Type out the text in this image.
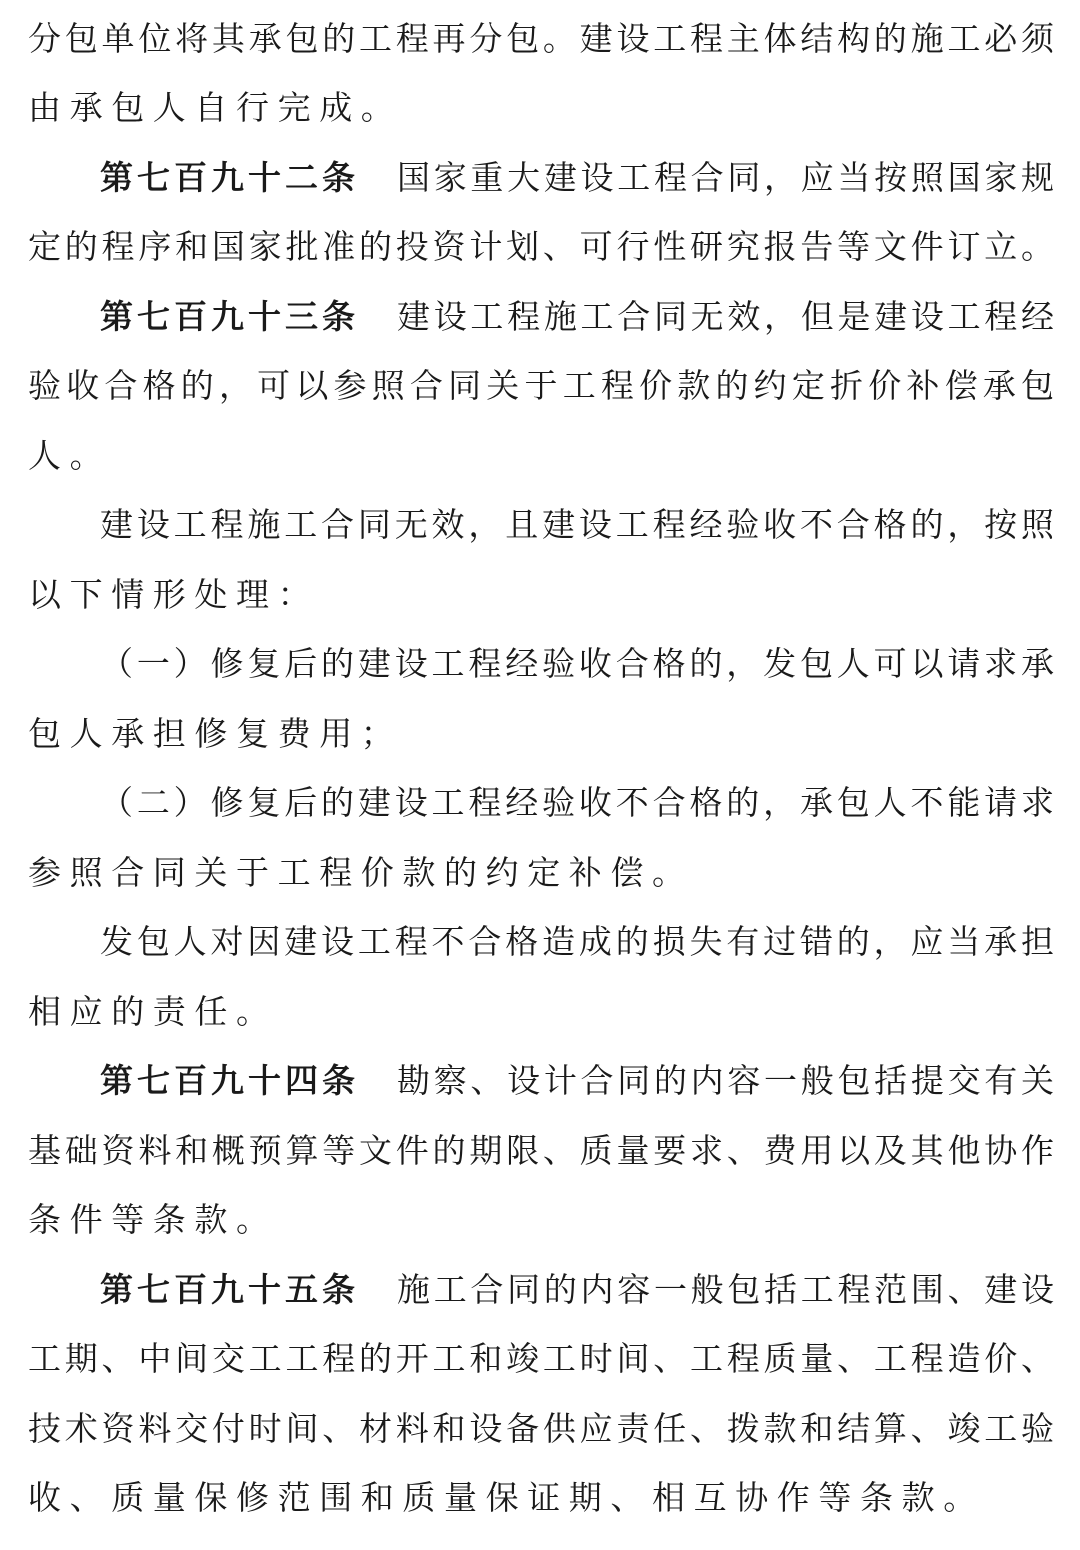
分包单位将其承包的工程再分包。建设工程主体结构的施工必须
由承包人自行完成。
第七百九十二条 国家重大建设工程合同，应当按照国家规
定的程序和国家批准的投资计划、可行性研究报告等文件订立。
第七百九十三条 建设工程施工合同无效，但是建设工程经
验收合格的，可以参照合同关于工程价款的约定折价补偿承包
人。
建设工程施工合同无效，且建设工程经验收不合格的，按照
以下情形处理：
（一）修复后的建设工程经验收合格的，发包人可以请求承
包人承担修复费用；
（二）修复后的建设工程经验收不合格的，承包人不能请求
参照合同关于工程价款的约定补偿。
发包人对因建设工程不合格造成的损失有过错的，应当承担
相应的责任。
第七百九十四条 勘察、设计合同的内容一般包括提交有关
基础资料和概预算等文件的期限、质量要求、费用以及其他协作
条件等条款。
第七百九十五条 施工合同的内容一般包括工程范围、建设
工期、中间交工工程的开工和竣工时间、工程质量、工程造价、
技术资料交付时间、材料和设备供应责任、拨款和结算、竣工验
收、质量保修范围和质量保证期、相互协作等条款。
